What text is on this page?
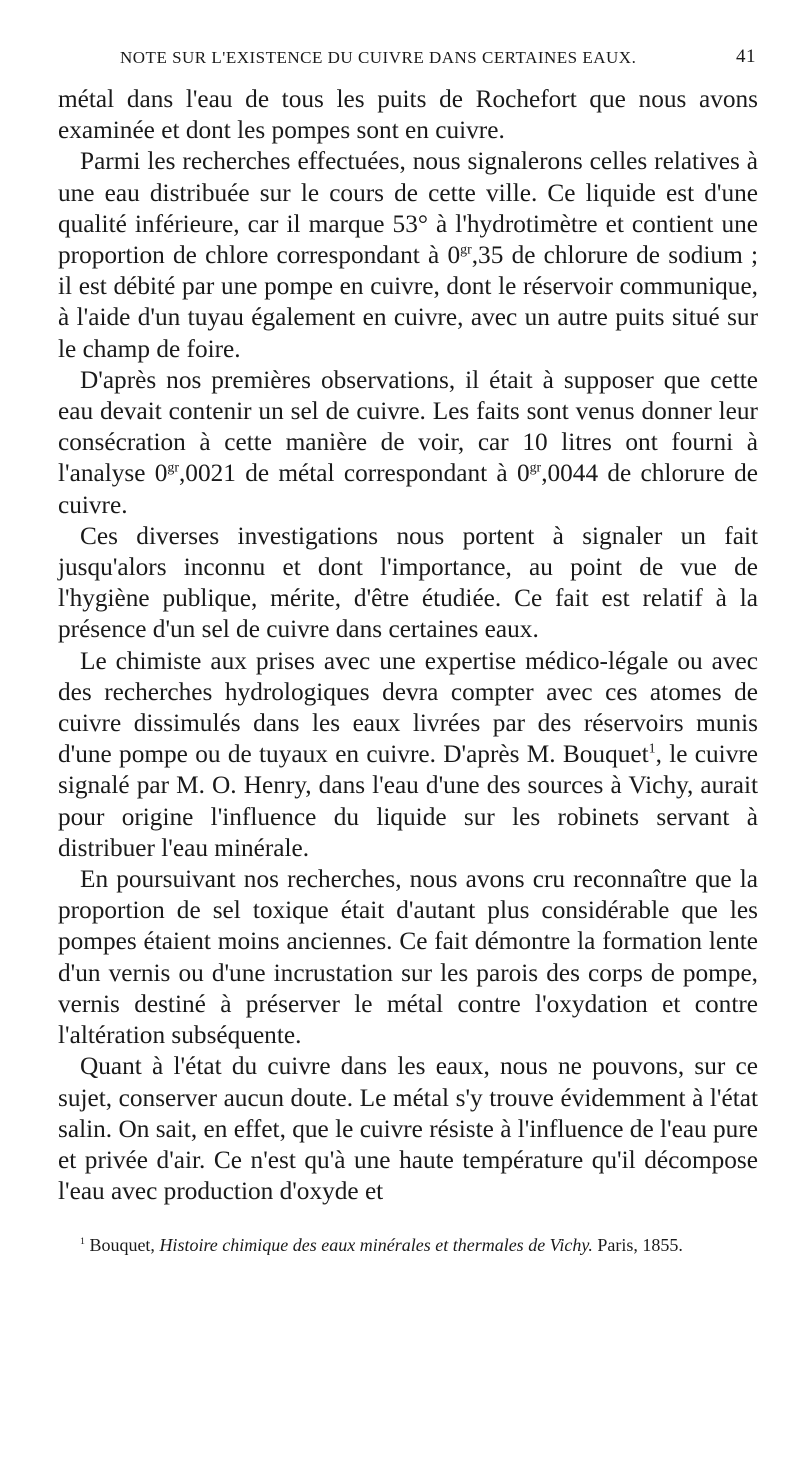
NOTE SUR L'EXISTENCE DU CUIVRE DANS CERTAINES EAUX.	41

métal dans l'eau de tous les puits de Rochefort que nous avons examinée et dont les pompes sont en cuivre.

Parmi les recherches effectuées, nous signalerons celles relatives à une eau distribuée sur le cours de cette ville. Ce liquide est d'une qualité inférieure, car il marque 53° à l'hydrotimètre et contient une proportion de chlore correspondant à $0^{gr},35$ de chlorure de sodium ; il est débité par une pompe en cuivre, dont le réservoir communique, à l'aide d'un tuyau également en cuivre, avec un autre puits situé sur le champ de foire.

D'après nos premières observations, il était à supposer que cette eau devait contenir un sel de cuivre. Les faits sont venus donner leur consécration à cette manière de voir, car 10 litres ont fourni à l'analyse $0^{gr},0021$ de métal correspondant à $0^{gr},0044$ de chlorure de cuivre.

Ces diverses investigations nous portent à signaler un fait jusqu'alors inconnu et dont l'importance, au point de vue de l'hygiène publique, mérite, d'être étudiée. Ce fait est relatif à la présence d'un sel de cuivre dans certaines eaux.

Le chimiste aux prises avec une expertise médico-légale ou avec des recherches hydrologiques devra compter avec ces atomes de cuivre dissimulés dans les eaux livrées par des réservoirs munis d'une pompe ou de tuyaux en cuivre. D'après M. Bouquet$^1$, le cuivre signalé par M. O. Henry, dans l'eau d'une des sources à Vichy, aurait pour origine l'influence du liquide sur les robinets servant à distribuer l'eau minérale.

En poursuivant nos recherches, nous avons cru reconnaître que la proportion de sel toxique était d'autant plus considérable que les pompes étaient moins anciennes. Ce fait démontre la formation lente d'un vernis ou d'une incrustation sur les parois des corps de pompe, vernis destiné à préserver le métal contre l'oxydation et contre l'altération subséquente.

Quant à l'état du cuivre dans les eaux, nous ne pouvons, sur ce sujet, conserver aucun doute. Le métal s'y trouve évidemment à l'état salin. On sait, en effet, que le cuivre résiste à l'influence de l'eau pure et privée d'air. Ce n'est qu'à une haute température qu'il décompose l'eau avec production d'oxyde et

$^1$ Bouquet, Histoire chimique des eaux minérales et thermales de Vichy. Paris, 1855.
